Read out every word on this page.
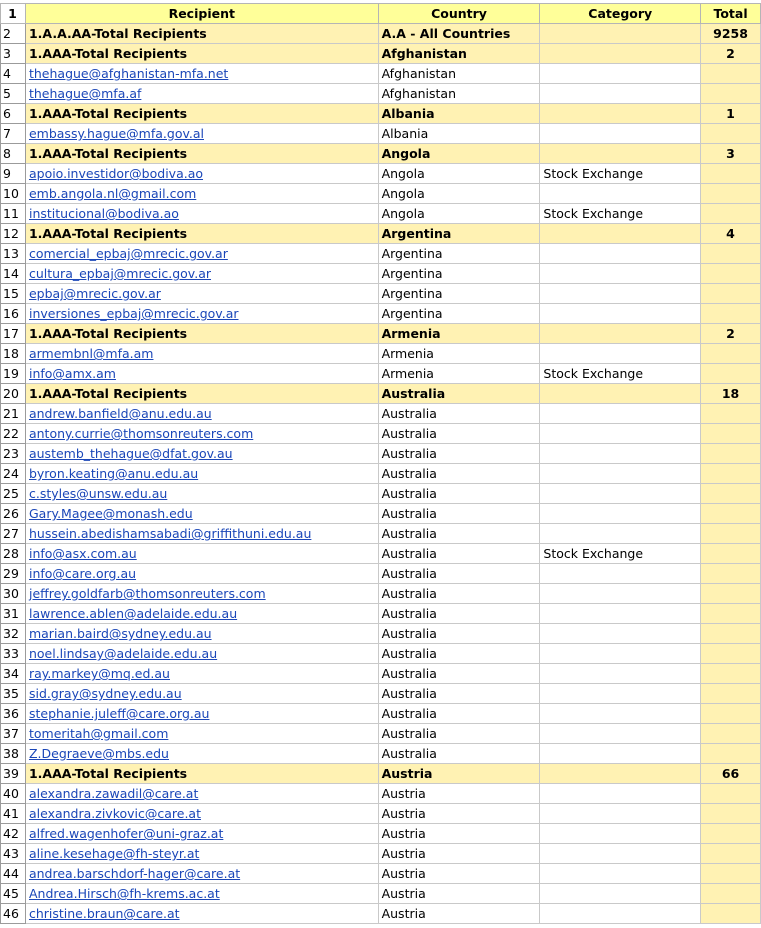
1	Recipient	Country	Category	Total
2	1.A.A.AA-Total Recipients	A.A - All Countries		9258
3	1.AAA-Total Recipients	Afghanistan		2
4	thehague@afghanistan-mfa.net	Afghanistan		
5	thehague@mfa.af	Afghanistan		
6	1.AAA-Total Recipients	Albania		1
7	embassy.hague@mfa.gov.al	Albania		
8	1.AAA-Total Recipients	Angola		3
9	apoio.investidor@bodiva.ao	Angola	Stock Exchange	
10	emb.angola.nl@gmail.com	Angola		
11	institucional@bodiva.ao	Angola	Stock Exchange	
12	1.AAA-Total Recipients	Argentina		4
13	comercial_epbaj@mrecic.gov.ar	Argentina		
14	cultura_epbaj@mrecic.gov.ar	Argentina		
15	epbaj@mrecic.gov.ar	Argentina		
16	inversiones_epbaj@mrecic.gov.ar	Argentina		
17	1.AAA-Total Recipients	Armenia		2
18	armembnl@mfa.am	Armenia		
19	info@amx.am	Armenia	Stock Exchange	
20	1.AAA-Total Recipients	Australia		18
21	andrew.banfield@anu.edu.au	Australia		
22	antony.currie@thomsonreuters.com	Australia		
23	austemb_thehague@dfat.gov.au	Australia		
24	byron.keating@anu.edu.au	Australia		
25	c.styles@unsw.edu.au	Australia		
26	Gary.Magee@monash.edu	Australia		
27	hussein.abedishamsabadi@griffithuni.edu.au	Australia		
28	info@asx.com.au	Australia	Stock Exchange	
29	info@care.org.au	Australia		
30	jeffrey.goldfarb@thomsonreuters.com	Australia		
31	lawrence.ablen@adelaide.edu.au	Australia		
32	marian.baird@sydney.edu.au	Australia		
33	noel.lindsay@adelaide.edu.au	Australia		
34	ray.markey@mq.ed.au	Australia		
35	sid.gray@sydney.edu.au	Australia		
36	stephanie.juleff@care.org.au	Australia		
37	tomeritah@gmail.com	Australia		
38	Z.Degraeve@mbs.edu	Australia		
39	1.AAA-Total Recipients	Austria		66
40	alexandra.zawadil@care.at	Austria		
41	alexandra.zivkovic@care.at	Austria		
42	alfred.wagenhofer@uni-graz.at	Austria		
43	aline.kesehage@fh-steyr.at	Austria		
44	andrea.barschdorf-hager@care.at	Austria		
45	Andrea.Hirsch@fh-krems.ac.at	Austria		
46	christine.braun@care.at	Austria		
